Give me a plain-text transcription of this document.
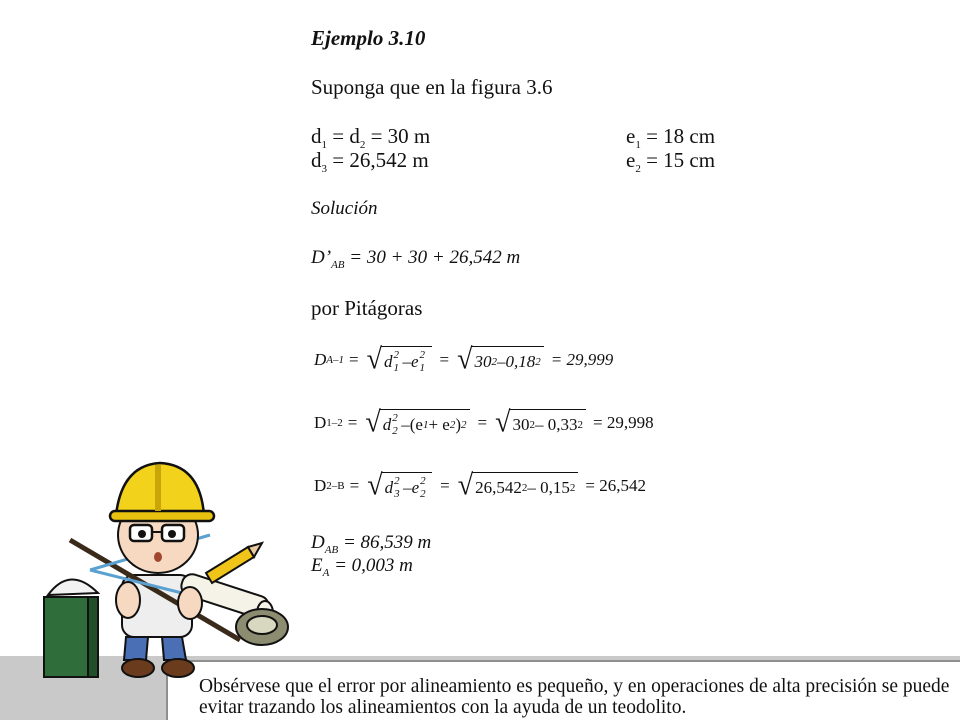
Ejemplo 3.10
Suponga que en la figura 3.6
$d_1 = d_2 = 30$ m
$d_3 = 26,542$ m
$e_1 = 18$ cm
$e_2 = 15$ cm
Solución
$D’_{AB} = 30 + 30 + 26,542$ m
por Pitágoras
D A–1 = √ d 2
1 – e 2
1 = √ 30 2 –0,18 2 = 29,999
D 1–2 = √ d 2
2 – (e 1 + e 2 ) 2 = √ 30 2 – 0,33 2 = 29,998
D 2–B = √ d 2
3 – e 2
2 = √ 26,542 2 – 0,15 2 = 26,542
$D_{AB} = 86,539$ m
$E_A = 0,003$ m
Obsérvese que el error por alineamiento es pequeño, y en operaciones de alta precisión se puede
evitar trazando los alineamientos con la ayuda de un teodolito.
